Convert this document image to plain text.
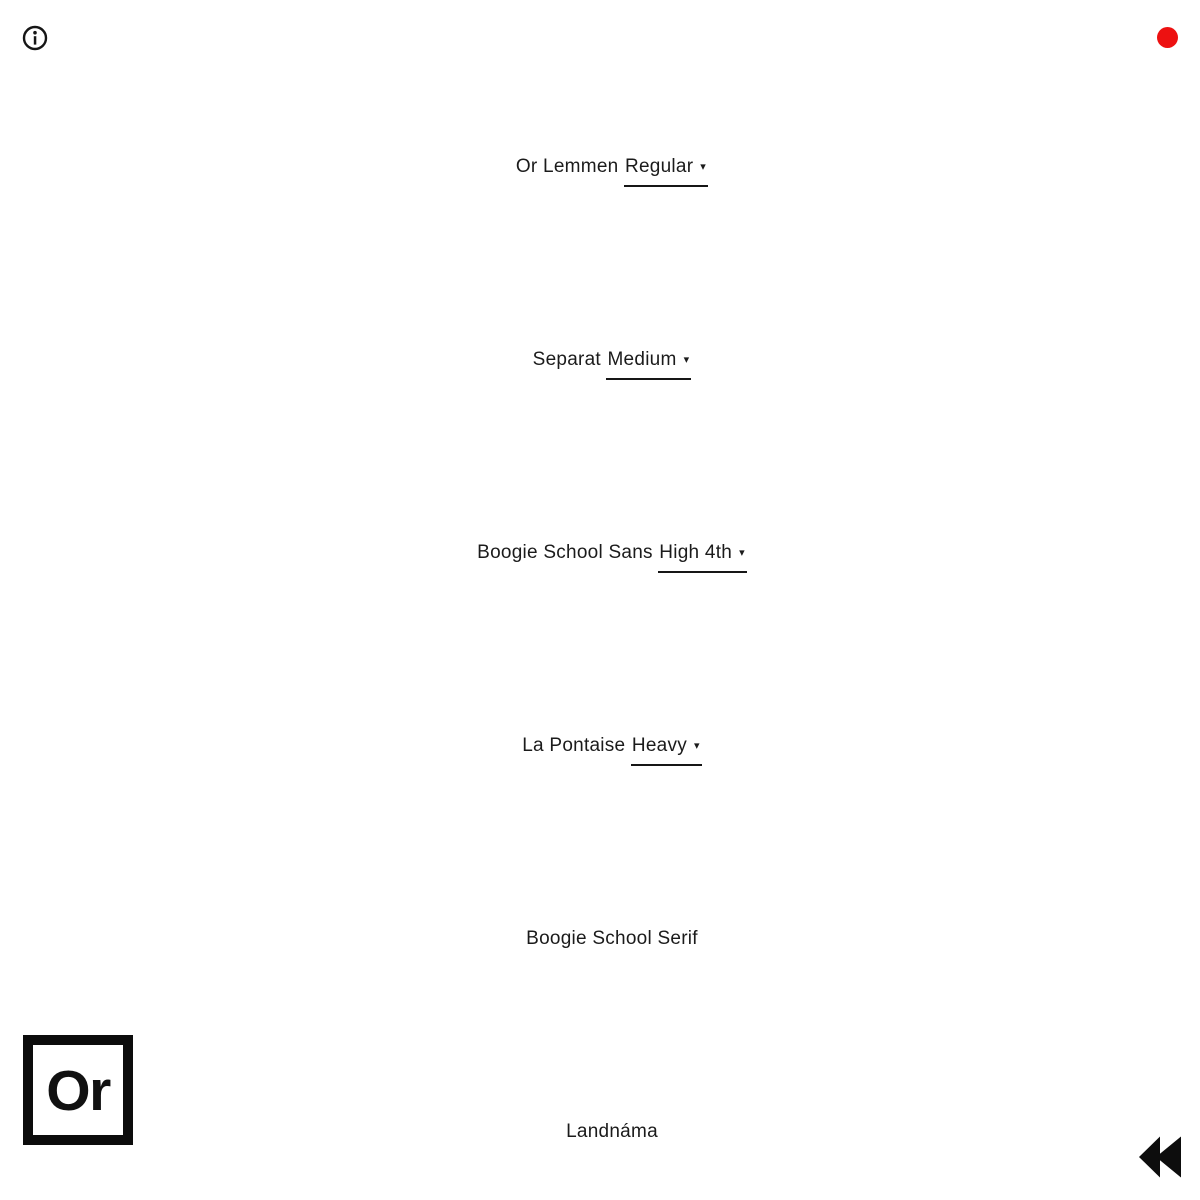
Or Lemmen Regular ▾
Separat Medium ▾
Boogie School Sans High 4th ▾
La Pontaise Heavy ▾
Boogie School Serif
Landnáma
Or
